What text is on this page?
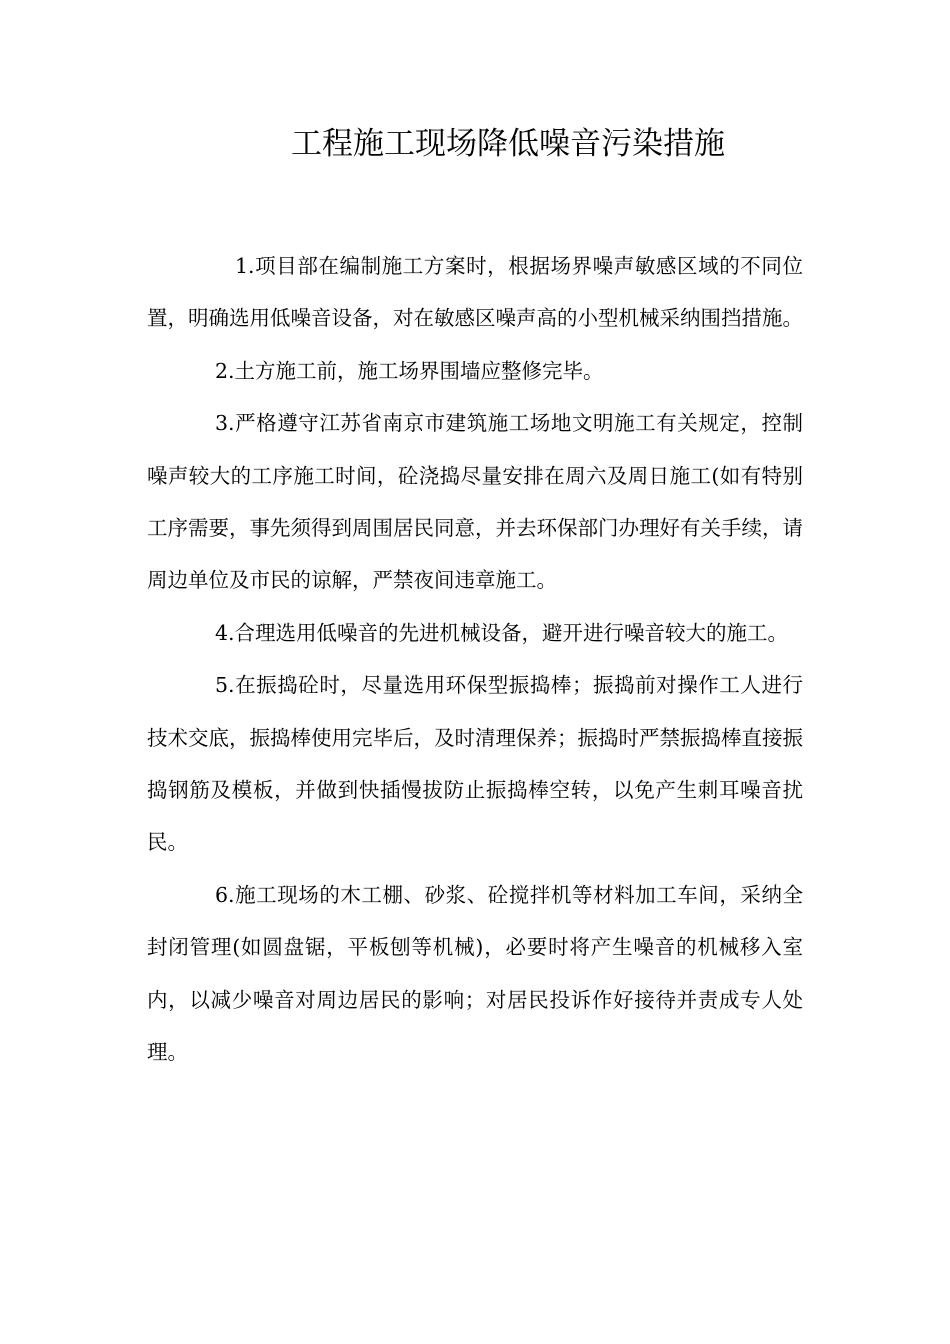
工程施工现场降低噪音污染措施

1.项目部在编制施工方案时，根据场界噪声敏感区域的不同位置，明确选用低噪音设备，对在敏感区噪声高的小型机械采纳围挡措施。

2.土方施工前，施工场界围墙应整修完毕。

3.严格遵守江苏省南京市建筑施工场地文明施工有关规定，控制噪声较大的工序施工时间，砼浇捣尽量安排在周六及周日施工(如有特别工序需要，事先须得到周围居民同意，并去环保部门办理好有关手续，请周边单位及市民的谅解，严禁夜间违章施工。

4.合理选用低噪音的先进机械设备，避开进行噪音较大的施工。

5.在振捣砼时，尽量选用环保型振捣棒；振捣前对操作工人进行技术交底，振捣棒使用完毕后，及时清理保养；振捣时严禁振捣棒直接振捣钢筋及模板，并做到快插慢拔防止振捣棒空转，以免产生刺耳噪音扰民。

6.施工现场的木工棚、砂浆、砼搅拌机等材料加工车间，采纳全封闭管理(如圆盘锯，平板刨等机械)，必要时将产生噪音的机械移入室内，以减少噪音对周边居民的影响；对居民投诉作好接待并责成专人处理。
